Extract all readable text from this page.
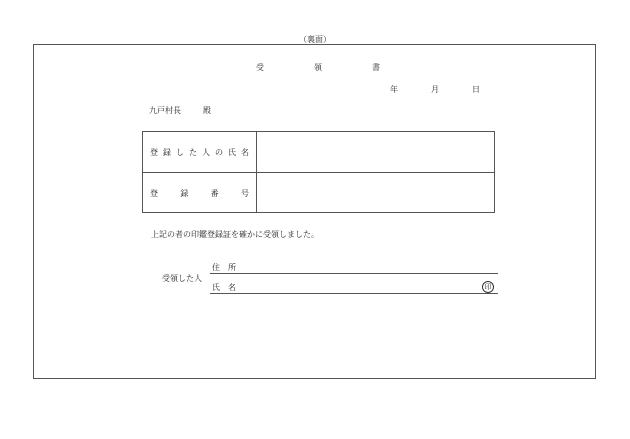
（裏面）
受	領	書
年	月	日
九戸村長	殿
登 録 し た 人 の 氏 名
登	録	番	号
上記の者の印鑑登録証を確かに受領しました。
受領した人
住 所
氏 名	印
